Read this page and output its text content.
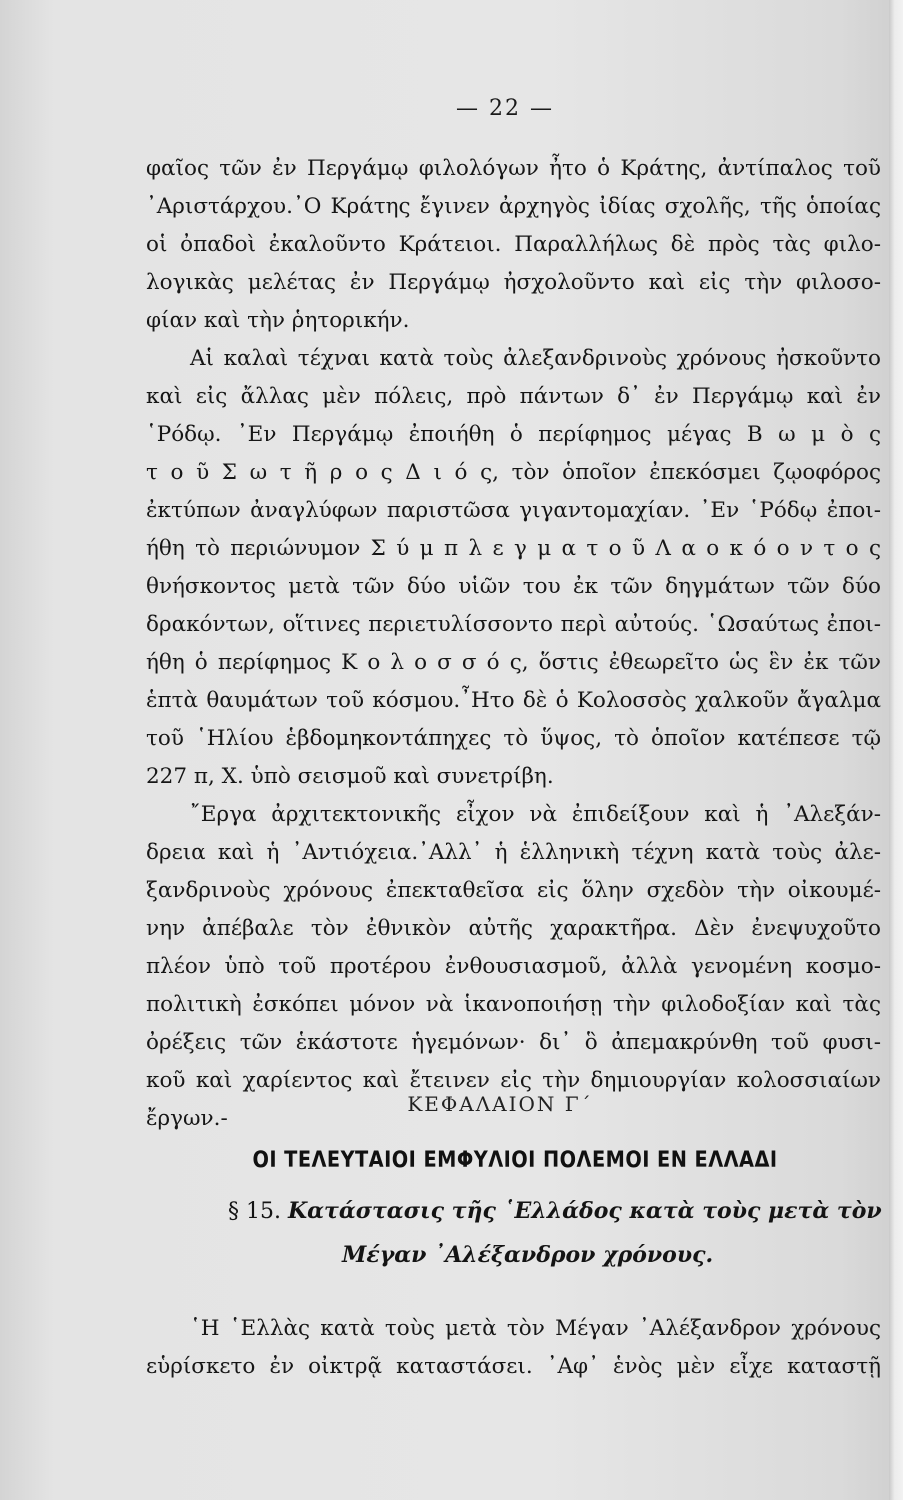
— 22 —
φαῖος τῶν ἐν Περγάμῳ φιλολόγων ἦτο ὁ Κράτης, ἀντίπαλος τοῦ
᾿Αριστάρχου.᾿Ο Κράτης ἔγινεν ἀρχηγὸς ἰδίας σχολῆς, τῆς ὁποίας
οἱ ὀπαδοὶ ἐκαλοῦντο Κράτειοι. Παραλλήλως δὲ πρὸς τὰς φιλο-
λογικὰς μελέτας ἐν Περγάμῳ ἠσχολοῦντο καὶ εἰς τὴν φιλοσο-
φίαν καὶ τὴν ῥητορικήν.
Αἱ καλαὶ τέχναι κατὰ τοὺς ἀλεξανδρινοὺς χρόνους ἠσκοῦντο
καὶ εἰς ἄλλας μὲν πόλεις, πρὸ πάντων δ᾿ ἐν Περγάμῳ καὶ ἐν
῾Ρόδῳ. ᾿Εν Περγάμῳ ἐποιήθη ὁ περίφημος μέγας Β ω μ ὸ ς
τ ο ῦ Σ ω τ ῆ ρ ο ς Δ ι ό ς, τὸν ὁποῖον ἐπεκόσμει ζῳοφόρος
ἐκτύπων ἀναγλύφων παριστῶσα γιγαντομαχίαν. ᾿Εν ῾Ρόδῳ ἐποι-
ήθη τὸ περιώνυμον Σ ύ μ π λ ε γ μ α τ ο ῦ Λ α ο κ ό ο ν τ ο ς
θνήσκοντος μετὰ τῶν δύο υἱῶν του ἐκ τῶν δηγμάτων τῶν δύο
δρακόντων, οἵτινες περιετυλίσσοντο περὶ αὐτούς. ῾Ωσαύτως ἐποι-
ήθη ὁ περίφημος Κ ο λ ο σ σ ό ς, ὅστις ἐθεωρεῖτο ὡς ἓν ἐκ τῶν
ἑπτὰ θαυμάτων τοῦ κόσμου.῏Ητο δὲ ὁ Κολοσσὸς χαλκοῦν ἄγαλμα
τοῦ ῾Ηλίου ἑβδομηκοντάπηχες τὸ ὕψος, τὸ ὁποῖον κατέπεσε τῷ
227 π, Χ. ὑπὸ σεισμοῦ καὶ συνετρίβη.
῎Εργα ἀρχιτεκτονικῆς εἶχον νὰ ἐπιδείξουν καὶ ἡ ᾿Αλεξάν-
δρεια καὶ ἡ ᾿Αντιόχεια.᾿Αλλ᾿ ἡ ἑλληνικὴ τέχνη κατὰ τοὺς ἀλε-
ξανδρινοὺς χρόνους ἐπεκταθεῖσα εἰς ὅλην σχεδὸν τὴν οἰκουμέ-
νην ἀπέβαλε τὸν ἐθνικὸν αὐτῆς χαρακτῆρα. Δὲν ἐνεψυχοῦτο
πλέον ὑπὸ τοῦ προτέρου ἐνθουσιασμοῦ, ἀλλὰ γενομένη κοσμο-
πολιτικὴ ἐσκόπει μόνον νὰ ἱκανοποιήσῃ τὴν φιλοδοξίαν καὶ τὰς
ὀρέξεις τῶν ἑκάστοτε ἡγεμόνων· δι᾿ ὃ ἀπεμακρύνθη τοῦ φυσι-
κοῦ καὶ χαρίεντος καὶ ἔτεινεν εἰς τὴν δημιουργίαν κολοσσιαίων
ἔργων.-
ΚΕΦΑΛΑΙΟΝ Γ΄
ΟΙ ΤΕΛΕΥΤΑΙΟΙ ΕΜΦΥΛΙΟΙ ΠΟΛΕΜΟΙ ΕΝ ΕΛΛΑΔΙ
§ 15. Κατάστασις τῆς ῾Ελλάδος κατὰ τοὺς μετὰ τὸν
Μέγαν ᾿Αλέξανδρον χρόνους.
῾Η ῾Ελλὰς κατὰ τοὺς μετὰ τὸν Μέγαν ᾿Αλέξανδρον χρόνους
εὑρίσκετο ἐν οἰκτρᾷ καταστάσει. ᾿Αφ᾿ ἑνὸς μὲν εἶχε καταστῇ
